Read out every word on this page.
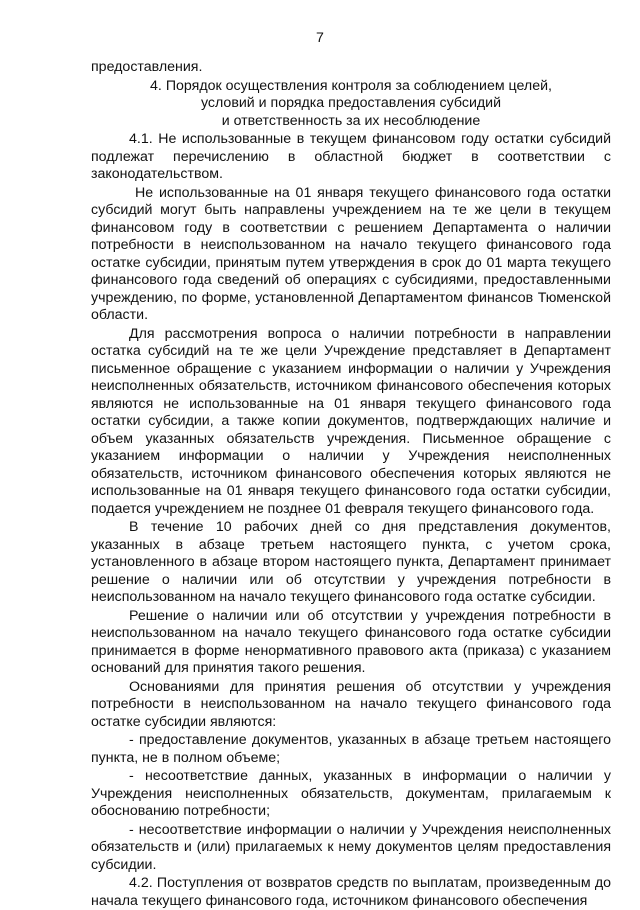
7

предоставления.

4. Порядок осуществления контроля за соблюдением целей,

условий и порядка предоставления субсидий

и ответственность за их несоблюдение

4.1. Не использованные в текущем финансовом году остатки субсидий подлежат перечислению в областной бюджет в соответствии с законодательством.

Не использованные на 01 января текущего финансового года остатки субсидий могут быть направлены учреждением на те же цели в текущем финансовом году в соответствии с решением Департамента о наличии потребности в неиспользованном на начало текущего финансового года остатке субсидии, принятым путем утверждения в срок до 01 марта текущего финансового года сведений об операциях с субсидиями, предоставленными учреждению, по форме, установленной Департаментом финансов Тюменской области.

Для рассмотрения вопроса о наличии потребности в направлении остатка субсидий на те же цели Учреждение представляет в Департамент письменное обращение с указанием информации о наличии у Учреждения неисполненных обязательств, источником финансового обеспечения которых являются не использованные на 01 января текущего финансового года остатки субсидии, а также копии документов, подтверждающих наличие и объем указанных обязательств учреждения. Письменное обращение с указанием информации о наличии у Учреждения неисполненных обязательств, источником финансового обеспечения которых являются не использованные на 01 января текущего финансового года остатки субсидии, подается учреждением не позднее 01 февраля текущего финансового года.

В течение 10 рабочих дней со дня представления документов, указанных в абзаце третьем настоящего пункта, с учетом срока, установленного в абзаце втором настоящего пункта, Департамент принимает решение о наличии или об отсутствии у учреждения потребности в неиспользованном на начало текущего финансового года остатке субсидии.

Решение о наличии или об отсутствии у учреждения потребности в неиспользованном на начало текущего финансового года остатке субсидии принимается в форме ненормативного правового акта (приказа) с указанием оснований для принятия такого решения.

Основаниями для принятия решения об отсутствии у учреждения потребности в неиспользованном на начало текущего финансового года остатке субсидии являются:

- предоставление документов, указанных в абзаце третьем настоящего пункта, не в полном объеме;

- несоответствие данных, указанных в информации о наличии у Учреждения неисполненных обязательств, документам, прилагаемым к обоснованию потребности;

- несоответствие информации о наличии у Учреждения неисполненных обязательств и (или) прилагаемых к нему документов целям предоставления субсидии.

4.2. Поступления от возвратов средств по выплатам, произведенным до начала текущего финансового года, источником финансового обеспечения
